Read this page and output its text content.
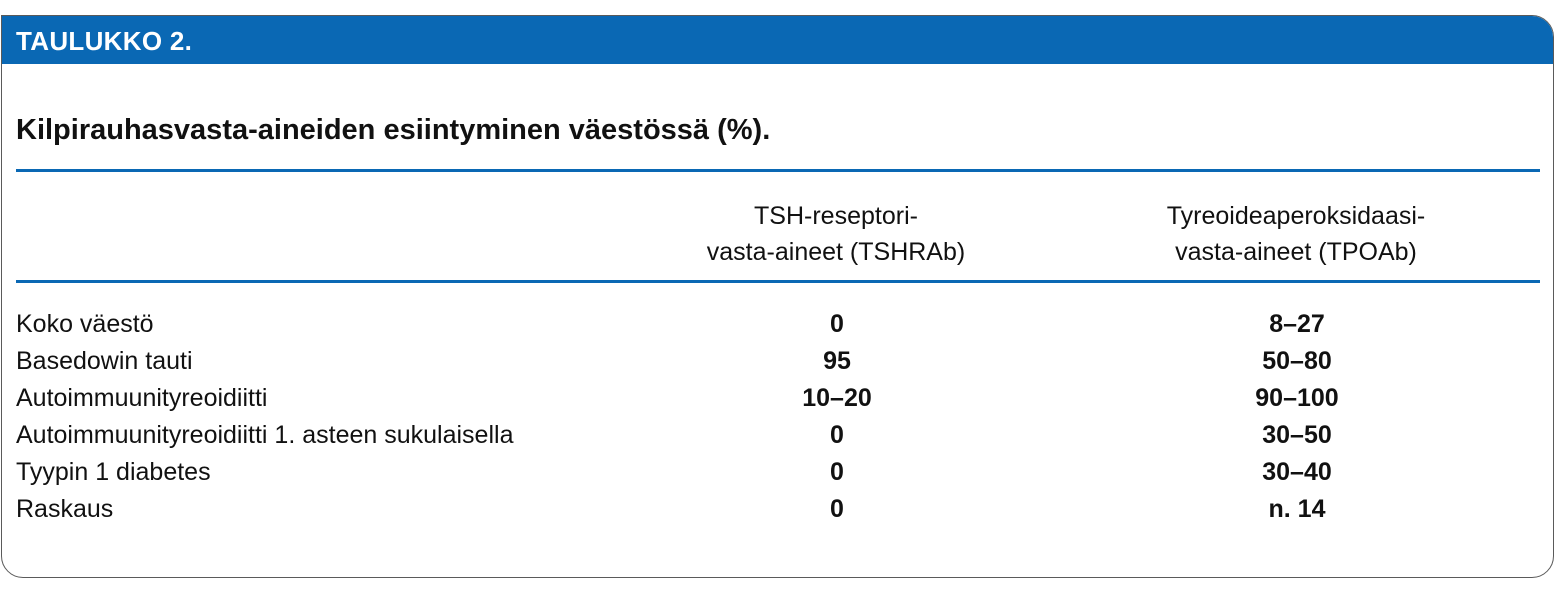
TAULUKKO 2.
Kilpirauhasvasta-aineiden esiintyminen väestössä (%).
TSH-reseptori-
vasta-aineet (TSHRAb)
Tyreoideaperoksidaasi-
vasta-aineet (TPOAb)
Koko väestö	0	8–27
Basedowin tauti	95	50–80
Autoimmuunityreoidiitti	10–20	90–100
Autoimmuunityreoidiitti 1. asteen sukulaisella	0	30–50
Tyypin 1 diabetes	0	30–40
Raskaus	0	n. 14
